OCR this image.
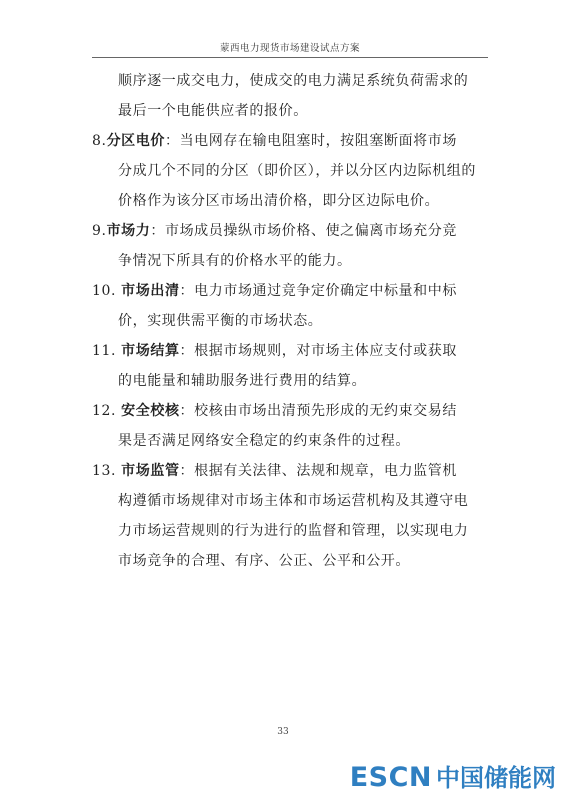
蒙西电力现货市场建设试点方案
顺序逐一成交电力，使成交的电力满足系统负荷需求的
最后一个电能供应者的报价。
8.分区电价：当电网存在输电阻塞时，按阻塞断面将市场
分成几个不同的分区（即价区），并以分区内边际机组的
价格作为该分区市场出清价格，即分区边际电价。
9.市场力：市场成员操纵市场价格、使之偏离市场充分竞
争情况下所具有的价格水平的能力。
10. 市场出清：电力市场通过竞争定价确定中标量和中标
价，实现供需平衡的市场状态。
11. 市场结算：根据市场规则，对市场主体应支付或获取
的电能量和辅助服务进行费用的结算。
12. 安全校核：校核由市场出清预先形成的无约束交易结
果是否满足网络安全稳定的约束条件的过程。
13. 市场监管：根据有关法律、法规和规章，电力监管机
构遵循市场规律对市场主体和市场运营机构及其遵守电
力市场运营规则的行为进行的监督和管理，以实现电力
市场竞争的合理、有序、公正、公平和公开。
33
ESCN 中国储能网
